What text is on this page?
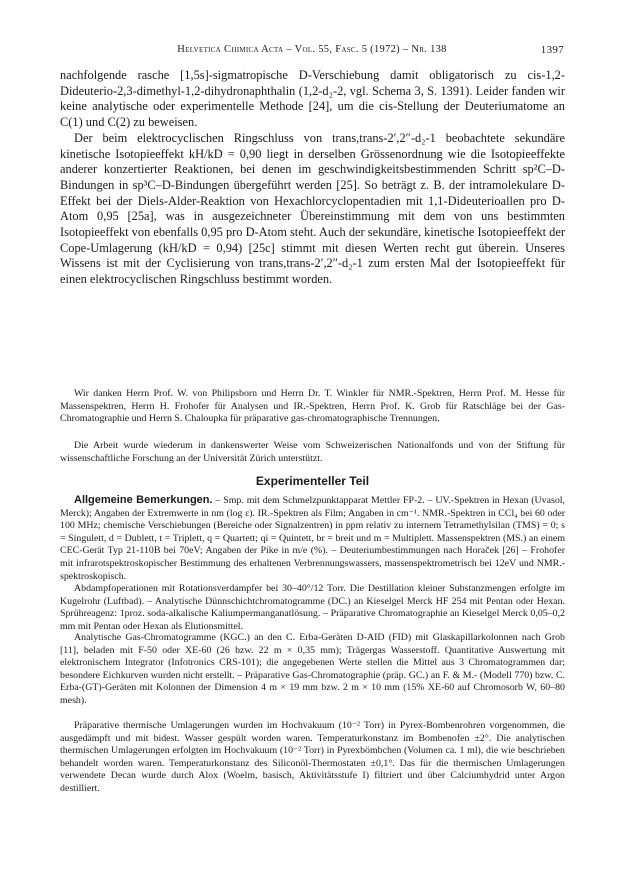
Helvetica Chimica Acta – Vol. 55, Fasc. 5 (1972) – Nr. 138	1397

nachfolgende rasche [1,5s]-sigmatropische D-Verschiebung damit obligatorisch zu cis-1,2-Dideuterio-2,3-dimethyl-1,2-dihydronaphthalin (1,2-d₂-2, vgl. Schema 3, S. 1391). Leider fanden wir keine analytische oder experimentelle Methode [24], um die cis-Stellung der Deuteriumatome an C(1) und C(2) zu beweisen.

Der beim elektrocyclischen Ringschluss von trans,trans-2′,2″-d₂-1 beobachtete sekundäre kinetische Isotopieeffekt kH/kD = 0,90 liegt in derselben Grössenordnung wie die Isotopieeffekte anderer konzertierter Reaktionen, bei denen im geschwindigkeitsbestimmenden Schritt sp²C–D-Bindungen in sp³C–D-Bindungen übergeführt werden [25]. So beträgt z. B. der intramolekulare D-Effekt bei der Diels-Alder-Reaktion von Hexachlorcyclopentadien mit 1,1-Dideuterioallen pro D-Atom 0,95 [25a], was in ausgezeichneter Übereinstimmung mit dem von uns bestimmten Isotopieeffekt von ebenfalls 0,95 pro D-Atom steht. Auch der sekundäre, kinetische Isotopieeffekt der Cope-Umlagerung (kH/kD = 0,94) [25c] stimmt mit diesen Werten recht gut überein. Unseres Wissens ist mit der Cyclisierung von trans,trans-2′,2″-d₂-1 zum ersten Mal der Isotopieeffekt für einen elektrocyclischen Ringschluss bestimmt worden.

Wir danken Herrn Prof. W. von Philipsborn und Herrn Dr. T. Winkler für NMR.-Spektren, Herrn Prof. M. Hesse für Massenspektren, Herrn H. Frohofer für Analysen und IR.-Spektren, Herrn Prof. K. Grob für Ratschläge bei der Gas-Chromatographie und Herrn S. Chaloupka für präparative gas-chromatographische Trennungen.

Die Arbeit wurde wiederum in dankenswerter Weise vom Schweizerischen Nationalfonds und von der Stiftung für wissenschaftliche Forschung an der Universität Zürich unterstützt.

Experimenteller Teil

Allgemeine Bemerkungen. – Smp. mit dem Schmelzpunktapparat Mettler FP-2. – UV.-Spektren in Hexan (Uvasol, Merck); Angaben der Extremwerte in nm (log ε). IR.-Spektren als Film; Angaben in cm⁻¹. NMR.-Spektren in CCl₄ bei 60 oder 100 MHz; chemische Verschiebungen (Bereiche oder Signalzentren) in ppm relativ zu internem Tetramethylsilan (TMS) = 0; s = Singulett, d = Dublett, t = Triplett, q = Quartett; qi = Quintett, br = breit und m = Multiplett. Massenspektren (MS.) an einem CEC-Gerät Typ 21-110B bei 70eV; Angaben der Pike in m/e (%). – Deuteriumbestimmungen nach Horaček [26] – Frohofer mit infrarotspektroskopischer Bestimmung des erhaltenen Verbrennungswassers, massenspektrometrisch bei 12eV und NMR.-spektroskopisch.

Abdampfoperationen mit Rotationsverdampfer bei 30–40°/12 Torr. Die Destillation kleiner Substanzmengen erfolgte im Kugelrohr (Luftbad). – Analytische Dünnschichtchromatogramme (DC.) an Kieselgel Merck HF 254 mit Pentan oder Hexan. Sprühreagenz: 1proz. soda-alkalische Kaliumpermanganatlösung. – Präparative Chromatographie an Kieselgel Merck 0,05–0,2 mm mit Pentan oder Hexan als Elutionsmittel.

Analytische Gas-Chromatogramme (KGC.) an den C. Erba-Geräten D-AID (FID) mit Glaskapillarkolonnen nach Grob [11], beladen mit F-50 oder XE-60 (26 bzw. 22 m × 0,35 mm); Trägergas Wasserstoff. Quantitative Auswertung mit elektronischem Integrator (Infotronics CRS-101); die angegebenen Werte stellen die Mittel aus 3 Chromatogrammen dar; besondere Eichkurven wurden nicht erstellt. – Präparative Gas-Chromatographie (präp. GC.) an F. & M.- (Modell 770) bzw. C. Erba-(GT)-Geräten mit Kolonnen der Dimension 4 m × 19 mm bzw. 2 m × 10 mm (15% XE-60 auf Chromosorb W, 60–80 mesh).

Präparative thermische Umlagerungen wurden im Hochvakuum (10⁻² Torr) in Pyrex-Bombenrohren vorgenommen, die ausgedämpft und mit bidest. Wasser gespült worden waren. Temperaturkonstanz im Bombenofen ±2°. Die analytischen thermischen Umlagerungen erfolgten im Hochvakuum (10⁻² Torr) in Pyrexbömbchen (Volumen ca. 1 ml), die wie beschrieben behandelt worden waren. Temperaturkonstanz des Siliconöl-Thermostaten ±0,1°. Das für die thermischen Umlagerungen verwendete Decan wurde durch Alox (Woelm, basisch, Aktivitätsstufe I) filtriert und über Calciumhydrid unter Argon destilliert.
